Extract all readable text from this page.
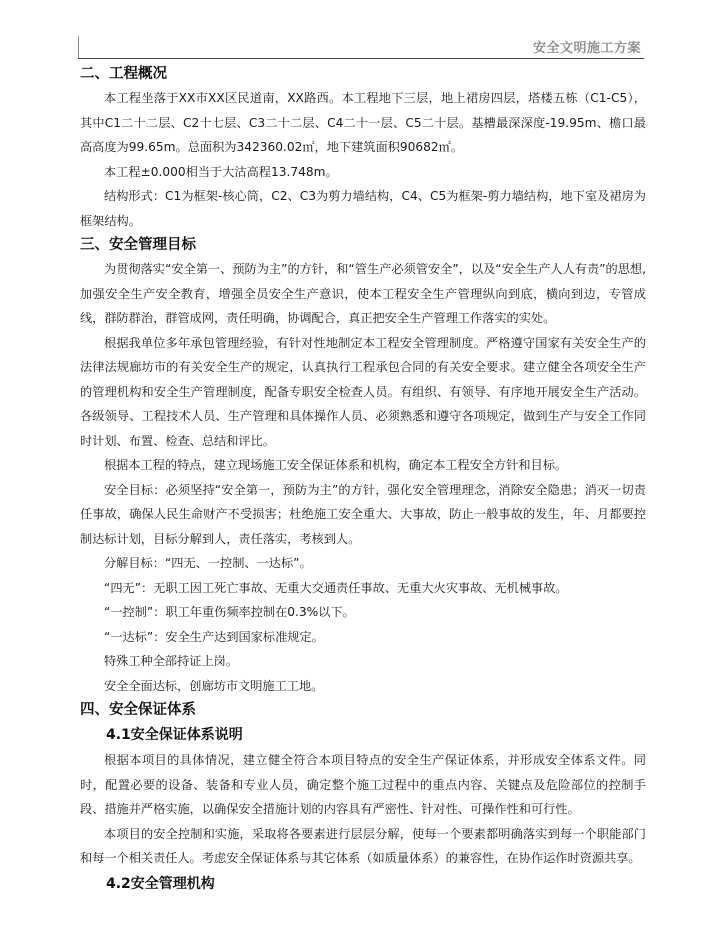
安全文明施工方案

二、工程概况

本工程坐落于XX市XX区民道南，XX路西。本工程地下三层，地上裙房四层，塔楼五栋（C1-C5），其中C1二十二层、C2十七层、C3二十二层、C4二十一层、C5二十层。基槽最深深度-19.95m、檐口最高高度为99.65m。总面积为342360.02㎡，地下建筑面积90682㎡。

本工程±0.000相当于大沽高程13.748m。

结构形式：C1为框架-核心筒，C2、C3为剪力墙结构，C4、C5为框架-剪力墙结构，地下室及裙房为框架结构。

三、安全管理目标

为贯彻落实“安全第一、预防为主”的方针，和“管生产必须管安全”，以及“安全生产人人有责”的思想,加强安全生产安全教育，增强全员安全生产意识，使本工程安全生产管理纵向到底，横向到边，专管成线，群防群治，群管成网，责任明确，协调配合，真正把安全生产管理工作落实的实处。

根据我单位多年承包管理经验，有针对性地制定本工程安全管理制度。严格遵守国家有关安全生产的法律法规廊坊市的有关安全生产的规定，认真执行工程承包合同的有关安全要求。建立健全各项安全生产的管理机构和安全生产管理制度，配备专职安全检查人员。有组织、有领导、有序地开展安全生产活动。各级领导、工程技术人员、生产管理和具体操作人员、必须熟悉和遵守各项规定，做到生产与安全工作同时计划、布置、检查、总结和评比。

根据本工程的特点，建立现场施工安全保证体系和机构，确定本工程安全方针和目标。

安全目标：必须坚持“安全第一，预防为主”的方针，强化安全管理理念，消除安全隐患；消灭一切责任事故，确保人民生命财产不受损害；杜绝施工安全重大、大事故，防止一般事故的发生，年、月都要控制达标计划，目标分解到人，责任落实，考核到人。

分解目标：“四无、一控制、一达标”。

“四无”：无职工因工死亡事故、无重大交通责任事故、无重大火灾事故、无机械事故。

“一控制”：职工年重伤频率控制在0.3%以下。

“一达标”：安全生产达到国家标准规定。

特殊工种全部持证上岗。

安全全面达标，创廊坊市文明施工工地。

四、安全保证体系

4.1安全保证体系说明

根据本项目的具体情况，建立健全符合本项目特点的安全生产保证体系，并形成安全体系文件。同时，配置必要的设备、装备和专业人员，确定整个施工过程中的重点内容、关键点及危险部位的控制手段、措施并严格实施，以确保安全措施计划的内容具有严密性、针对性、可操作性和可行性。

本项目的安全控制和实施，采取将各要素进行层层分解，使每一个要素都明确落实到每一个职能部门和每一个相关责任人。考虑安全保证体系与其它体系（如质量体系）的兼容性，在协作运作时资源共享。

4.2安全管理机构
